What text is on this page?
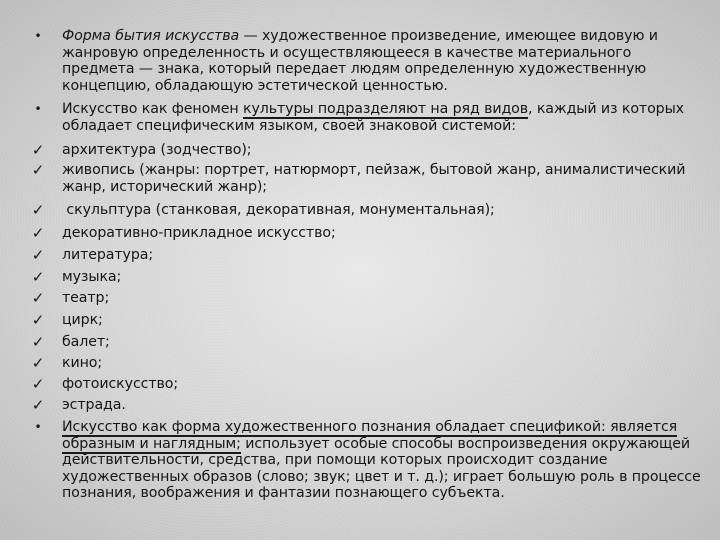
•	Форма бытия искусства — художественное произведение, имеющее видовую и жанровую определенность и осуществляющееся в качестве материального предмета — знака, который передает людям определенную художественную концепцию, обладающую эстетической ценностью.
•	Искусство как феномен культуры подразделяют на ряд видов, каждый из которых обладает специфическим языком, своей знаковой системой:
✓ архитектура (зодчество);
✓ живопись (жанры: портрет, натюрморт, пейзаж, бытовой жанр, анималистический жанр, исторический жанр);
✓ скульптура (станковая, декоративная, монументальная);
✓ декоративно-прикладное искусство;
✓ литература;
✓ музыка;
✓ театр;
✓ цирк;
✓ балет;
✓ кино;
✓ фотоискусство;
✓ эстрада.
•	Искусство как форма художественного познания обладает спецификой: является образным и наглядным; использует особые способы воспроизведения окружающей действительности, средства, при помощи которых происходит создание художественных образов (слово; звук; цвет и т. д.); играет большую роль в процессе познания, воображения и фантазии познающего субъекта.
